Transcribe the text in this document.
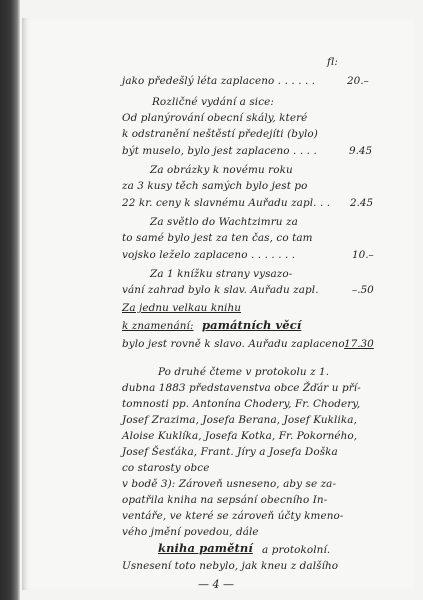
fl:
jako předešlý léta zaplaceno . . . . . .	20.–
Rozličné vydání a sice:
Od planýrování obecní skály, které
k odstranění neštěstí předejíti (bylo)
být muselo, bylo jest zaplaceno . . . .	9.45
Za obrázky k novému roku
za 3 kusy těch samých bylo jest po
22 kr. ceny k slavnému Auřadu zapl. . . 2.45
Za světlo do Wachtzimru za
to samé bylo jest za ten čas, co tam
vojsko leželo zaplaceno . . . . . . .	10.–
Za 1 knížku strany vysazo-
vání zahrad bylo k slav. Auřadu zapl.	–.50
Za jednu velkau knihu
k znamenání: památních věcí
bylo jest rovně k slavo. Auřadu zaplaceno 17.30
Po druhé čteme v protokolu z 1.
dubna 1883 představenstva obce Žďár u pří-
tomnosti pp. Antonína Chodery, Fr. Chodery,
Josef Zrazima, Josefa Berana, Josef Kuklika,
Aloise Kuklíka, Josefa Kotka, Fr. Pokorného,
Josef Šesťáka, Frant. Jíry a Josefa Doška
co starosty obce
v bodě 3): Zároveň usneseno, aby se za-
opatřila kniha na sepsání obecního In-
ventáře, ve které se zároveň účty kmeno-
vého jmění povedou, dále
kniha pamětní a protokolní.
Usnesení toto nebylo, jak kneu z dalšího
— 4 —
